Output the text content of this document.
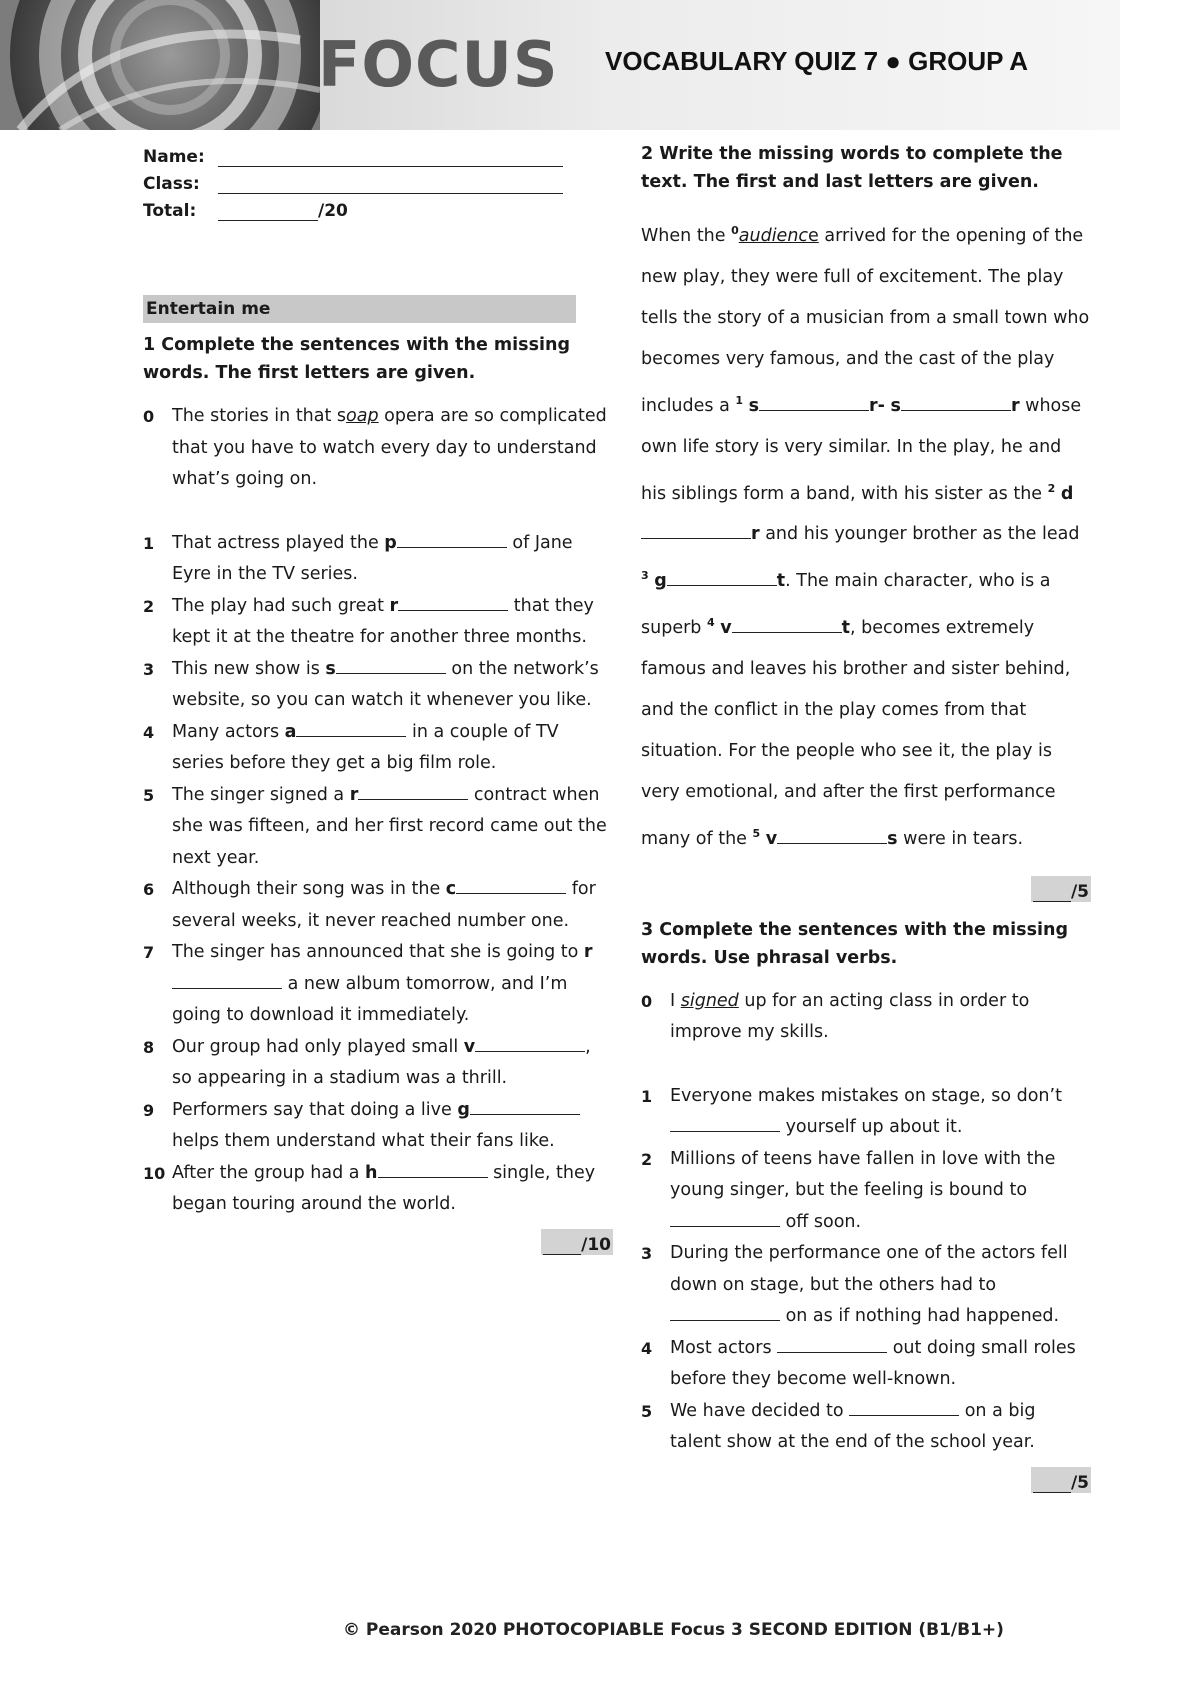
FOCUS VOCABULARY QUIZ 7 ● GROUP A
Name:
Class:
Total:	/20
Entertain me
1 Complete the sentences with the missing words. The first letters are given.
0	The stories in that soap opera are so complicated that you have to watch every day to understand what’s going on.
1	That actress played the p	of Jane Eyre in the TV series.
2	The play had such great r	that they kept it at the theatre for another three months.
3	This new show is s	on the network’s website, so you can watch it whenever you like.
4	Many actors a	in a couple of TV series before they get a big film role.
5	The singer signed a r	contract when she was fifteen, and her first record came out the next year.
6	Although their song was in the c	for several weeks, it never reached number one.
7	The singer has announced that she is going to r a new album tomorrow, and I’m going to download it immediately.
8	Our group had only played small v	, so appearing in a stadium was a thrill.
9	Performers say that doing a live g helps them understand what their fans like.
10 After the group had a h	single, they began touring around the world.
/10
2 Write the missing words to complete the text. The first and last letters are given.
When the $^0$audience arrived for the opening of the new play, they were full of excitement. The play tells the story of a musician from a small town who becomes very famous, and the cast of the play includes a $^1$ s	r- s	r whose own life story is very similar. In the play, he and his siblings form a band, with his sister as the $^2$ dr and his younger brother as the lead $^3$ g	t. The main character, who is a superb $^4$ v	t, becomes extremely famous and leaves his brother and sister behind, and the conflict in the play comes from that situation. For the people who see it, the play is very emotional, and after the first performance many of the $^5$ v	s were in tears.
/5
3 Complete the sentences with the missing words. Use phrasal verbs.
0	I signed up for an acting class in order to improve my skills.
1	Everyone makes mistakes on stage, so don’t  yourself up about it.
2	Millions of teens have fallen in love with the young singer, but the feeling is bound to  off soon.
3	During the performance one of the actors fell down on stage, but the others had to  on as if nothing had happened.
4	Most actors	out doing small roles before they become well-known.
5	We have decided to	on a big talent show at the end of the school year.
/5
© Pearson 2020 PHOTOCOPIABLE Focus 3 SECOND EDITION (B1/B1+)
